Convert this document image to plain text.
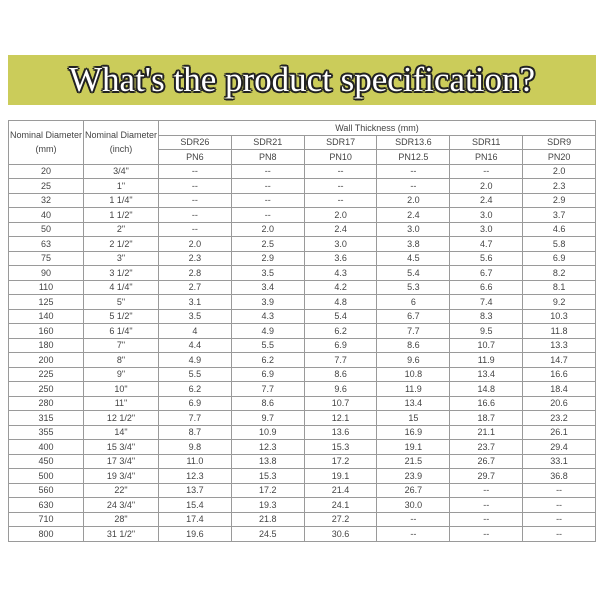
What's the product specification?
Nominal Diameter (mm)	Nominal Diameter (inch)	Wall Thickness (mm)					
		SDR26	SDR21	SDR17	SDR13.6	SDR11	SDR9
		PN6	PN8	PN10	PN12.5	PN16	PN20
20	3/4"	--	--	--	--	--	2.0
25	1"	--	--	--	--	2.0	2.3
32	1 1/4"	--	--	--	2.0	2.4	2.9
40	1 1/2"	--	--	2.0	2.4	3.0	3.7
50	2"	--	2.0	2.4	3.0	3.0	4.6
63	2 1/2"	2.0	2.5	3.0	3.8	4.7	5.8
75	3"	2.3	2.9	3.6	4.5	5.6	6.9
90	3 1/2"	2.8	3.5	4.3	5.4	6.7	8.2
110	4 1/4"	2.7	3.4	4.2	5.3	6.6	8.1
125	5"	3.1	3.9	4.8	6	7.4	9.2
140	5 1/2"	3.5	4.3	5.4	6.7	8.3	10.3
160	6 1/4"	4	4.9	6.2	7.7	9.5	11.8
180	7"	4.4	5.5	6.9	8.6	10.7	13.3
200	8"	4.9	6.2	7.7	9.6	11.9	14.7
225	9"	5.5	6.9	8.6	10.8	13.4	16.6
250	10"	6.2	7.7	9.6	11.9	14.8	18.4
280	11"	6.9	8.6	10.7	13.4	16.6	20.6
315	12 1/2"	7.7	9.7	12.1	15	18.7	23.2
355	14"	8.7	10.9	13.6	16.9	21.1	26.1
400	15 3/4"	9.8	12.3	15.3	19.1	23.7	29.4
450	17 3/4"	11.0	13.8	17.2	21.5	26.7	33.1
500	19 3/4"	12.3	15.3	19.1	23.9	29.7	36.8
560	22"	13.7	17.2	21.4	26.7	--	--
630	24 3/4"	15.4	19.3	24.1	30.0	--	--
710	28"	17.4	21.8	27.2	--	--	--
800	31 1/2"	19.6	24.5	30.6	--	--	--
